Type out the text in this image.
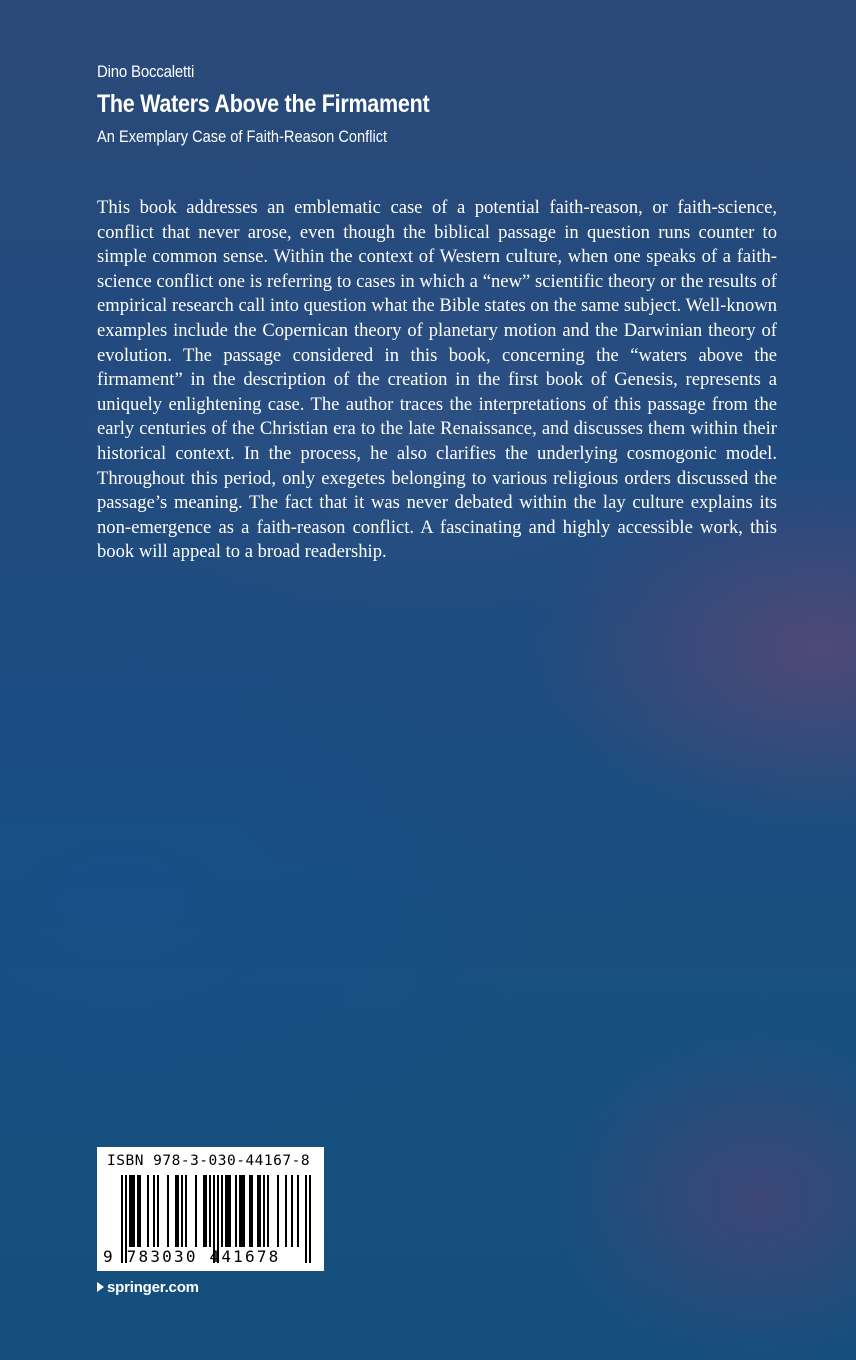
Dino Boccaletti
The Waters Above the Firmament
An Exemplary Case of Faith-Reason Conflict

This book addresses an emblematic case of a potential faith-reason, or faith-science, conflict that never arose, even though the biblical passage in question runs counter to simple common sense. Within the context of Western culture, when one speaks of a faith-science conflict one is referring to cases in which a “new” scientific theory or the results of empirical research call into question what the Bible states on the same subject. Well-known examples include the Copernican theory of planetary motion and the Darwinian theory of evolution. The passage considered in this book, concerning the “waters above the firmament” in the description of the creation in the first book of Genesis, represents a uniquely enlightening case. The author traces the interpretations of this passage from the early centuries of the Christian era to the late Renaissance, and discusses them within their historical context. In the process, he also clarifies the underlying cosmogonic model. Throughout this period, only exegetes belonging to various religious orders discussed the passage’s meaning. The fact that it was never debated within the lay culture explains its non-emergence as a faith-reason conflict. A fascinating and highly accessible work, this book will appeal to a broad readership.

ISBN 978-3-030-44167-8
9 783030 441678
springer.com
